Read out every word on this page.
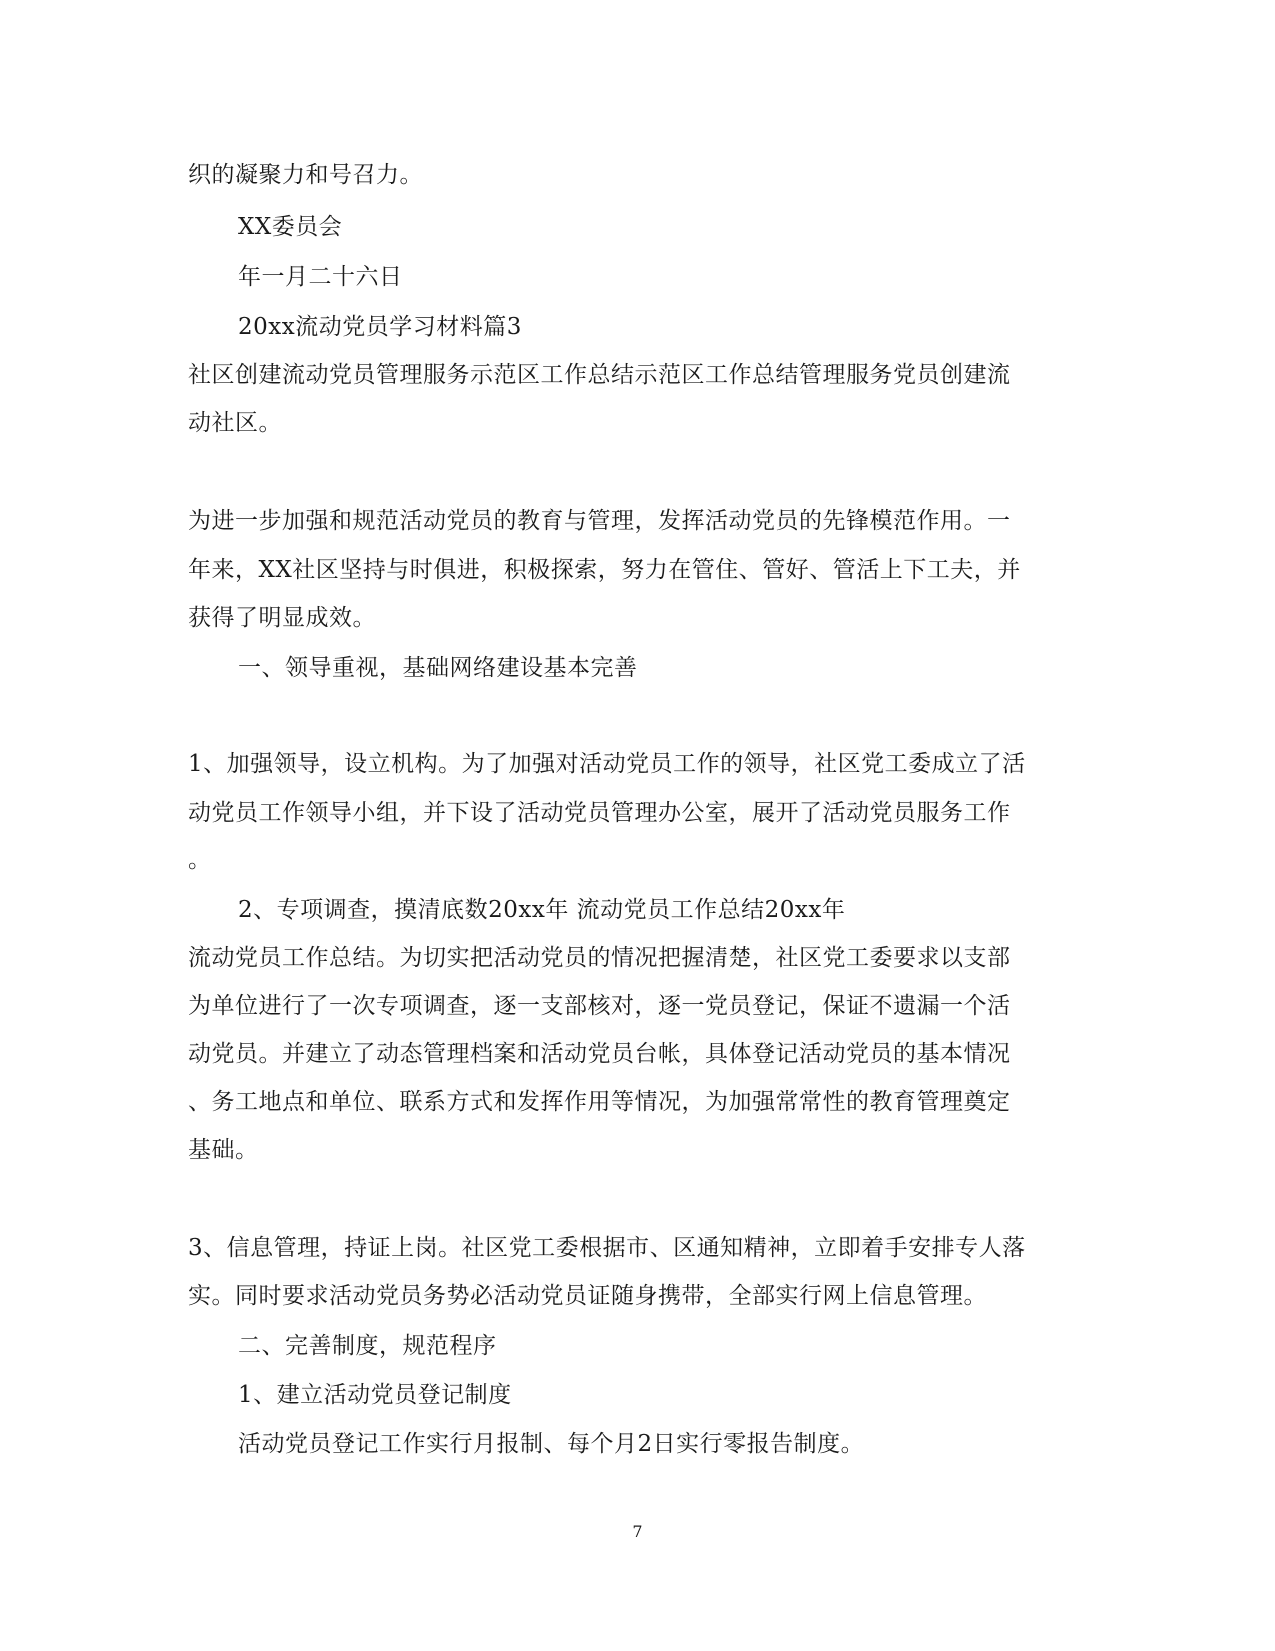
织的凝聚力和号召力。
XX委员会
年一月二十六日
20xx流动党员学习材料篇3
社区创建流动党员管理服务示范区工作总结示范区工作总结管理服务党员创建流
动社区。
为进一步加强和规范活动党员的教育与管理，发挥活动党员的先锋模范作用。一
年来，XX社区坚持与时俱进，积极探索，努力在管住、管好、管活上下工夫，并
获得了明显成效。
一、领导重视，基础网络建设基本完善
1、加强领导，设立机构。为了加强对活动党员工作的领导，社区党工委成立了活
动党员工作领导小组，并下设了活动党员管理办公室，展开了活动党员服务工作
。
2、专项调查，摸清底数20xx年 流动党员工作总结20xx年
流动党员工作总结。为切实把活动党员的情况把握清楚，社区党工委要求以支部
为单位进行了一次专项调查，逐一支部核对，逐一党员登记，保证不遗漏一个活
动党员。并建立了动态管理档案和活动党员台帐，具体登记活动党员的基本情况
、务工地点和单位、联系方式和发挥作用等情况，为加强常常性的教育管理奠定
基础。
3、信息管理，持证上岗。社区党工委根据市、区通知精神，立即着手安排专人落
实。同时要求活动党员务势必活动党员证随身携带，全部实行网上信息管理。
二、完善制度，规范程序
1、建立活动党员登记制度
活动党员登记工作实行月报制、每个月2日实行零报告制度。
7
